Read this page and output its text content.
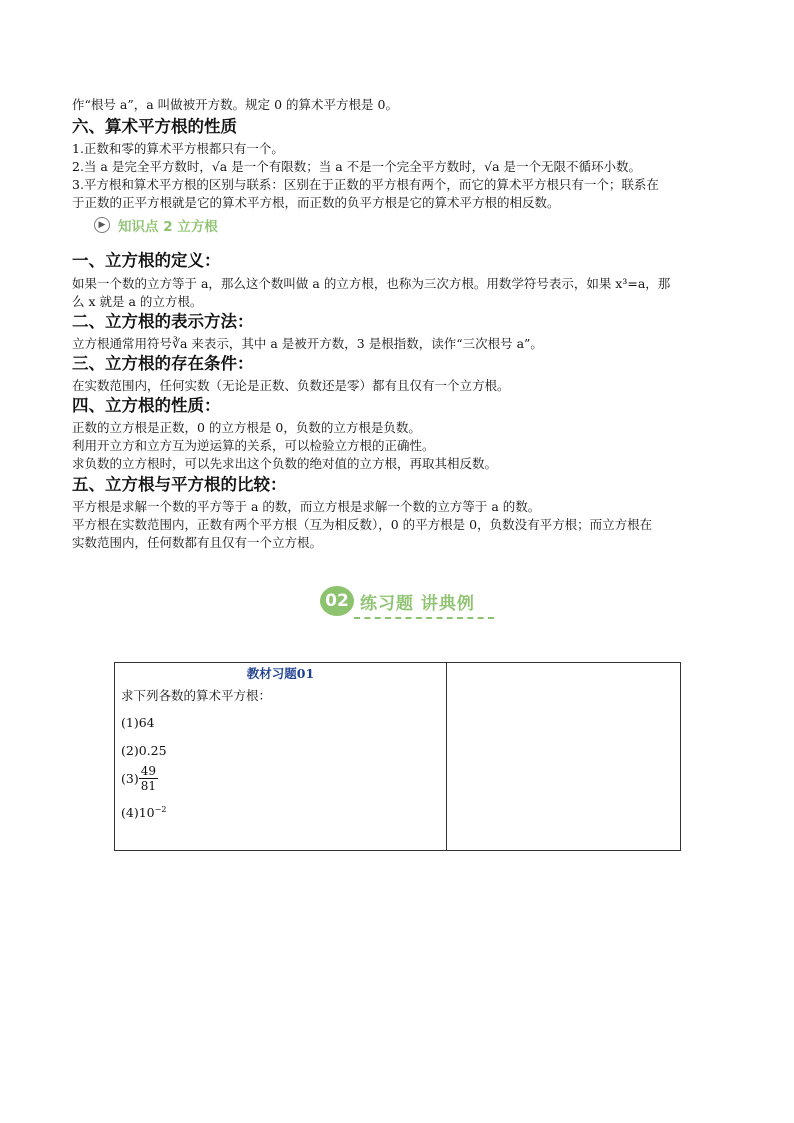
作“根号 a”，a 叫做被开方数。规定 0 的算术平方根是 0。
六、算术平方根的性质
1.正数和零的算术平方根都只有一个。
2.当 a 是完全平方数时，√a 是一个有限数；当 a 不是一个完全平方数时，√a 是一个无限不循环小数。
3.平方根和算术平方根的区别与联系：区别在于正数的平方根有两个，而它的算术平方根只有一个；联系在
于正数的正平方根就是它的算术平方根，而正数的负平方根是它的算术平方根的相反数。
▶ 知识点 2 立方根
一、立方根的定义：
如果一个数的立方等于 a，那么这个数叫做 a 的立方根，也称为三次方根。用数学符号表示，如果 x³=a，那
么 x 就是 a 的立方根。
二、立方根的表示方法：
立方根通常用符号∛a 来表示，其中 a 是被开方数，3 是根指数，读作“三次根号 a”。
三、立方根的存在条件：
在实数范围内，任何实数（无论是正数、负数还是零）都有且仅有一个立方根。
四、立方根的性质：
正数的立方根是正数，0 的立方根是 0，负数的立方根是负数。
利用开立方和立方互为逆运算的关系，可以检验立方根的正确性。
求负数的立方根时，可以先求出这个负数的绝对值的立方根，再取其相反数。
五、立方根与平方根的比较：
平方根是求解一个数的平方等于 a 的数，而立方根是求解一个数的立方等于 a 的数。
平方根在实数范围内，正数有两个平方根（互为相反数），0 的平方根是 0，负数没有平方根；而立方根在
实数范围内，任何数都有且仅有一个立方根。
02 练习题 讲典例
教材习题01
求下列各数的算术平方根：
(1)64
(2)0.25
$(3) \frac{49}{81}$
$(4)10^{-2}$
